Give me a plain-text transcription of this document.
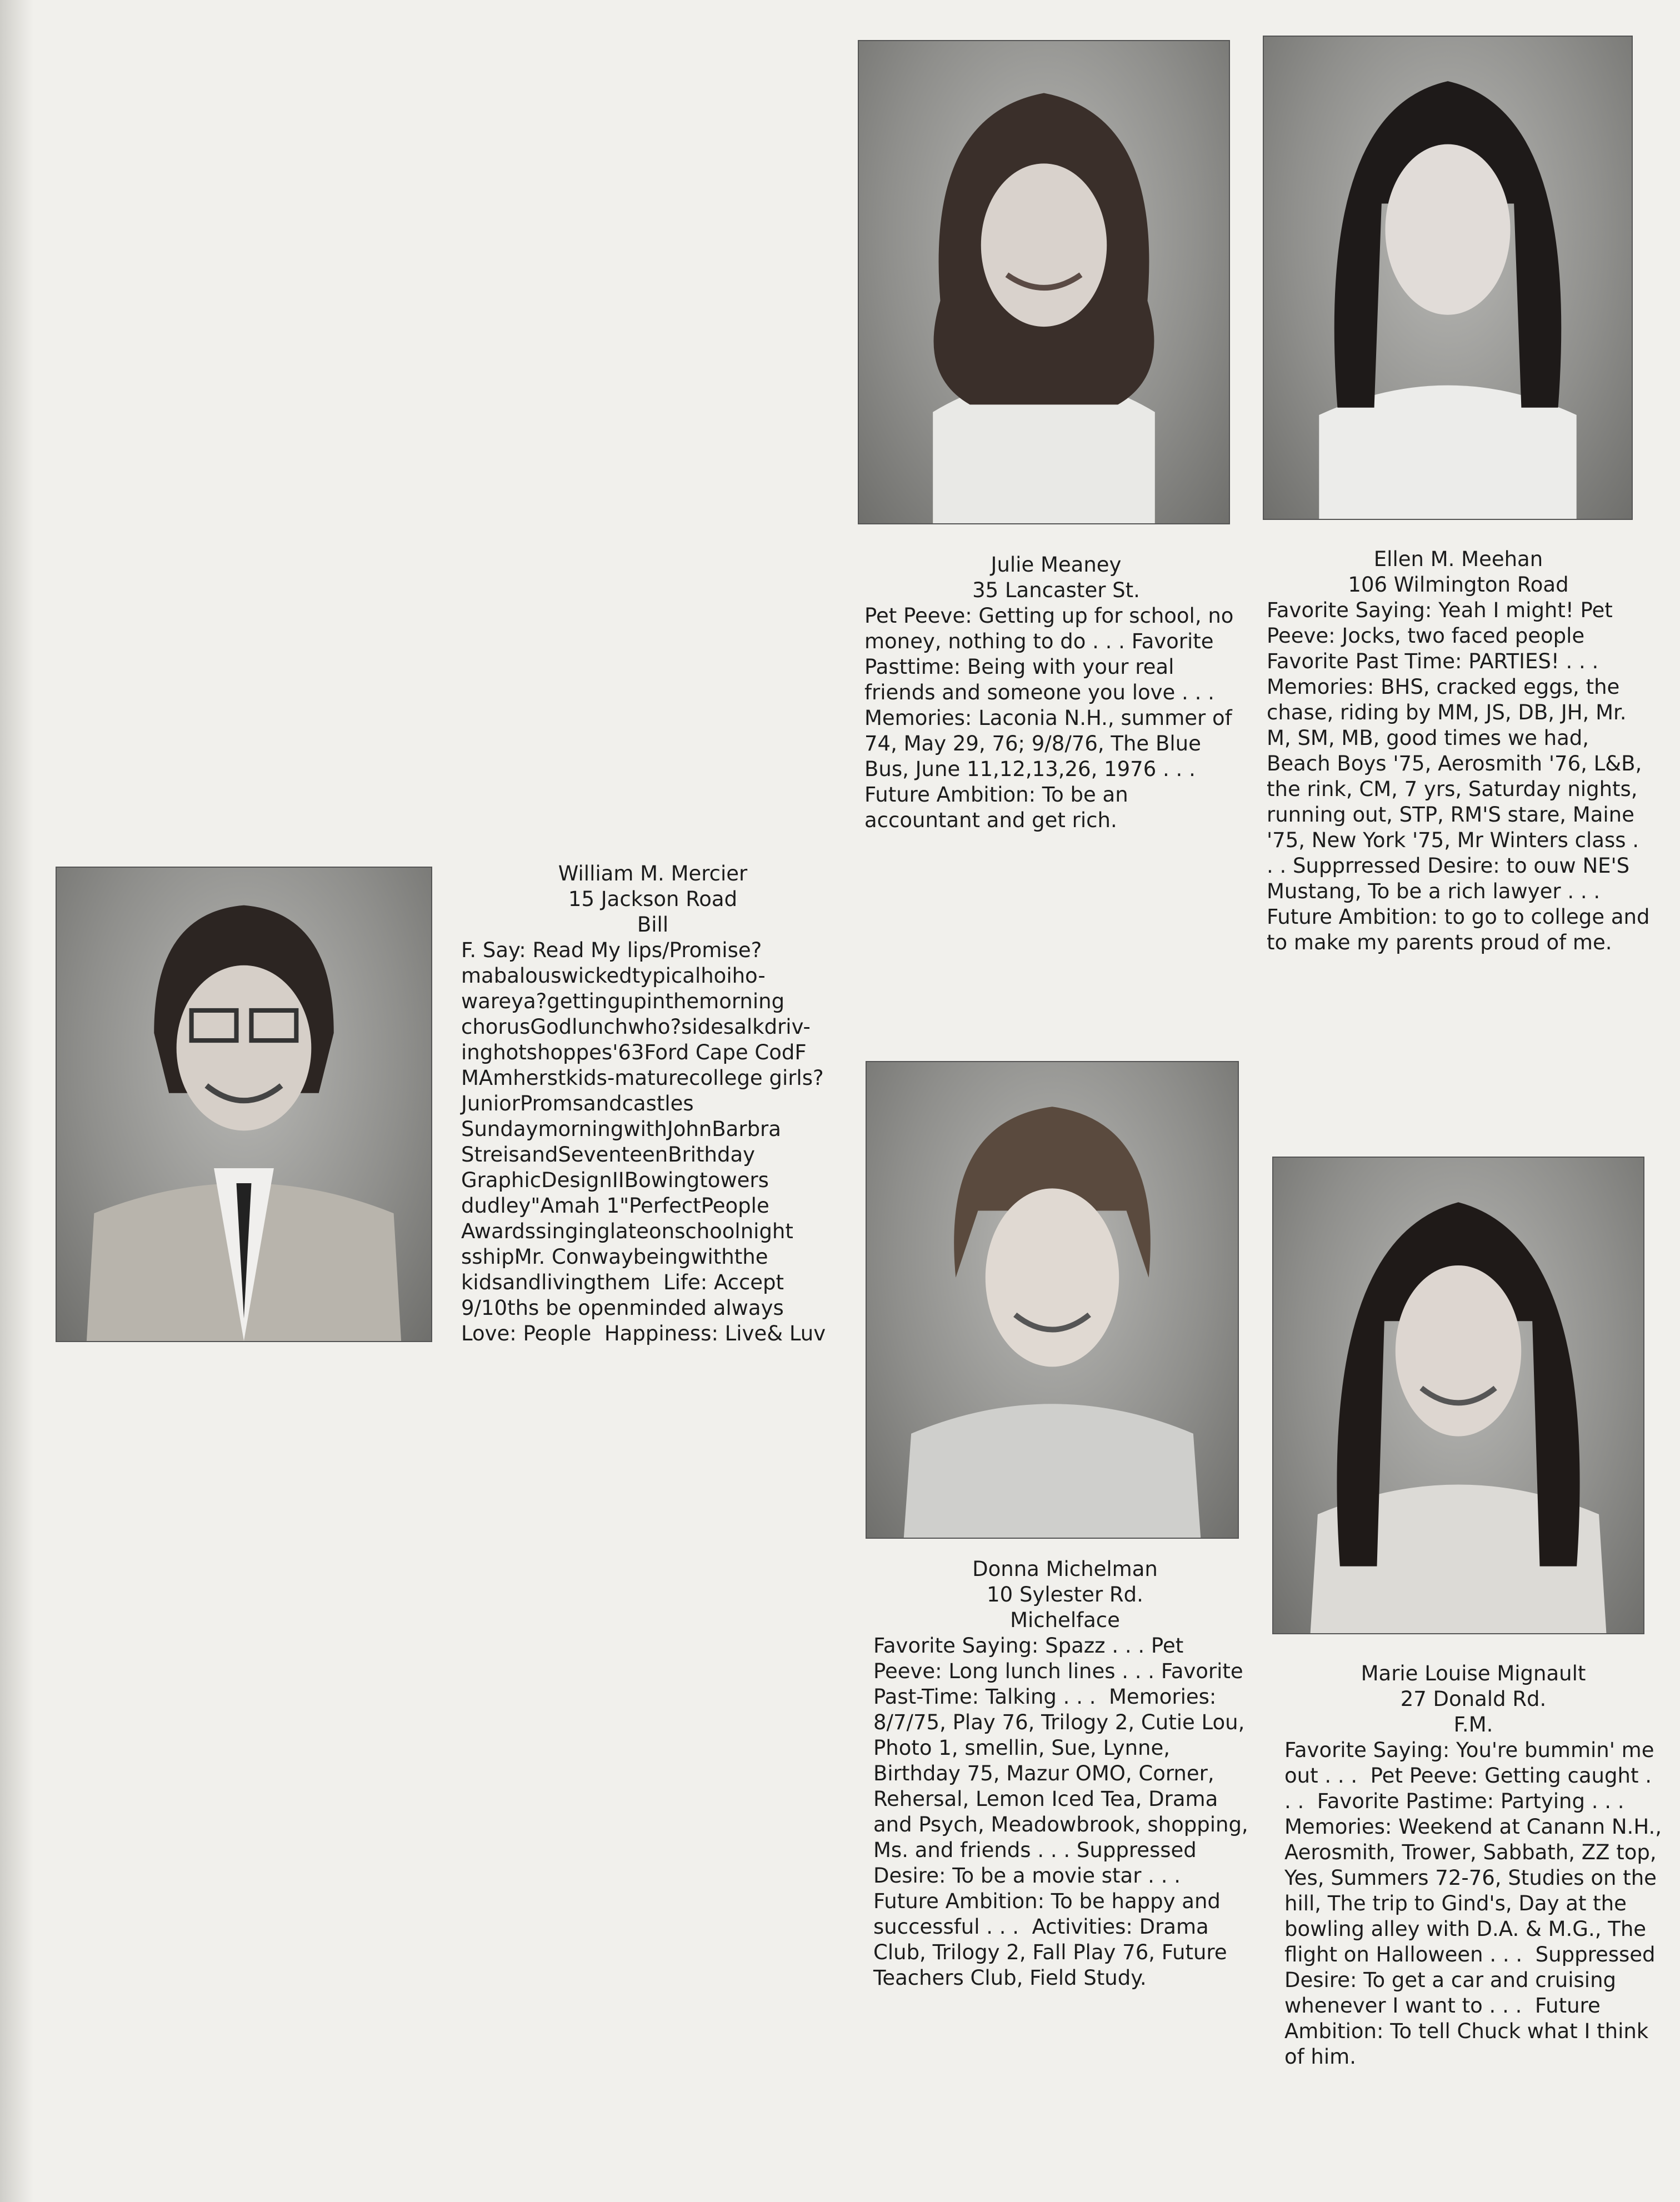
Julie Meaney
35 Lancaster St.
Pet Peeve: Getting up for school, no money, nothing to do . . . Favorite Pasttime: Being with your real friends and someone you love . . .  Memories: Laconia N.H., summer of 74, May 29, 76; 9/8/76, The Blue Bus, June 11,12,13,26, 1976 . . . Future Ambition: To be an accountant and get rich.
Ellen M. Meehan
106 Wilmington Road
Favorite Saying: Yeah I might! Pet Peeve: Jocks, two faced people  Favorite Past Time: PARTIES! . . .  Memories: BHS, cracked eggs, the chase, riding by MM, JS, DB, JH, Mr. M, SM, MB, good times we had, Beach Boys '75, Aerosmith '76, L&B, the rink, CM, 7 yrs, Saturday nights, running out, STP, RM'S stare, Maine '75, New York '75, Mr Winters class . . . Supprressed Desire: to ouw NE'S Mustang, To be a rich lawyer . . .  Future Ambition: to go to college and to make my parents proud of me.
William M. Mercier
15 Jackson Road
Bill
F. Say: Read My lips/Promise? mabalouswickedtypicalhoiho-wareya?gettingupinthemorning chorusGodlunchwho?sidesalkdriv-inghotshoppes'63Ford Cape CodF MAmherstkids-maturecollege girls? JuniorPromsandcastles SundaymorningwithJohnBarbra StreisandSeventeenBrithday GraphicDesignIIBowingtowers dudley"Amah 1"PerfectPeople Awardssinginglateonschoolnight sshipMr. Conwaybeingwiththe kidsandlivingthem  Life: Accept 9/10ths be openminded always Love: People  Happiness: Live& Luv
Donna Michelman
10 Sylester Rd.
Michelface
Favorite Saying: Spazz . . . Pet Peeve: Long lunch lines . . . Favorite Past-Time: Talking . . .  Memories: 8/7/75, Play 76, Trilogy 2, Cutie Lou, Photo 1, smellin, Sue, Lynne, Birthday 75, Mazur OMO, Corner, Rehersal, Lemon Iced Tea, Drama and Psych, Meadowbrook, shopping, Ms. and friends . . . Suppressed Desire: To be a movie star . . .  Future Ambition: To be happy and successful . . .  Activities: Drama Club, Trilogy 2, Fall Play 76, Future Teachers Club, Field Study.
Marie Louise Mignault
27 Donald Rd.
F.M.
Favorite Saying: You're bummin' me out . . .  Pet Peeve: Getting caught . . .  Favorite Pastime: Partying . . .  Memories: Weekend at Canann N.H., Aerosmith, Trower, Sabbath, ZZ top, Yes, Summers 72-76, Studies on the hill, The trip to Gind's, Day at the bowling alley with D.A. & M.G., The flight on Halloween . . .  Suppressed Desire: To get a car and cruising whenever I want to . . .  Future Ambition: To tell Chuck what I think of him.
